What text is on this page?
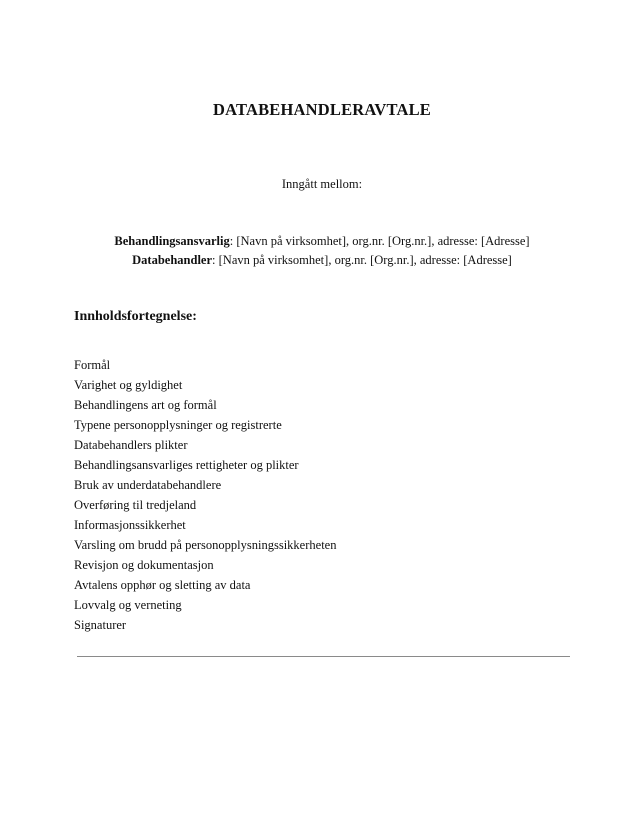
DATABEHANDLERAVTALE
Inngått mellom:
Behandlingsansvarlig: [Navn på virksomhet], org.nr. [Org.nr.], adresse: [Adresse]
Databehandler: [Navn på virksomhet], org.nr. [Org.nr.], adresse: [Adresse]
Innholdsfortegnelse:
Formål
Varighet og gyldighet
Behandlingens art og formål
Typene personopplysninger og registrerte
Databehandlers plikter
Behandlingsansvarliges rettigheter og plikter
Bruk av underdatabehandlere
Overføring til tredjeland
Informasjonssikkerhet
Varsling om brudd på personopplysningssikkerheten
Revisjon og dokumentasjon
Avtalens opphør og sletting av data
Lovvalg og verneting
Signaturer
